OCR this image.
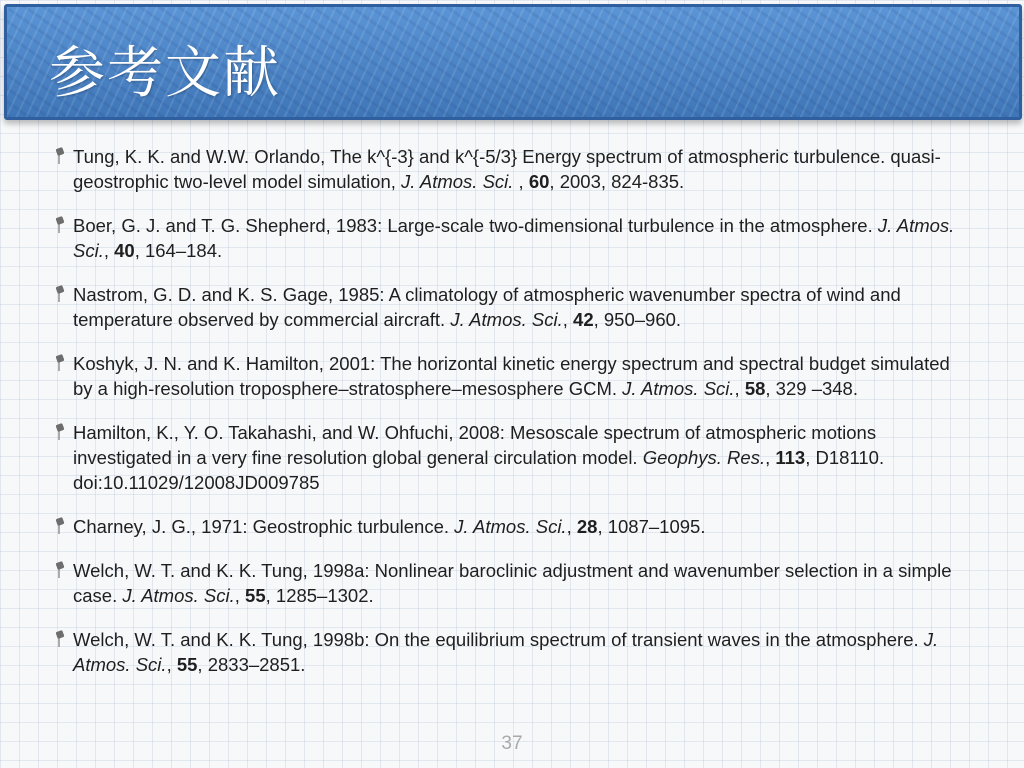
参考文献
Tung, K. K. and W.W. Orlando, The k^{-3} and k^{-5/3} Energy spectrum of atmospheric turbulence. quasi-geostrophic two-level model simulation, J. Atmos. Sci. , 60, 2003, 824-835.
Boer, G. J. and T. G. Shepherd, 1983: Large-scale two-dimensional turbulence in the atmosphere. J. Atmos. Sci., 40, 164–184.
Nastrom, G. D. and K. S. Gage, 1985: A climatology of atmospheric wavenumber spectra of wind and temperature observed by commercial aircraft. J. Atmos. Sci., 42, 950–960.
Koshyk, J. N. and K. Hamilton, 2001: The horizontal kinetic energy spectrum and spectral budget simulated by a high-resolution troposphere–stratosphere–mesosphere GCM. J. Atmos. Sci., 58, 329 –348.
Hamilton, K., Y. O. Takahashi, and W. Ohfuchi, 2008: Mesoscale spectrum of atmospheric motions investigated in a very fine resolution global general circulation model. Geophys. Res., 113, D18110. doi:10.11029/12008JD009785
Charney, J. G., 1971: Geostrophic turbulence. J. Atmos. Sci., 28, 1087–1095.
Welch, W. T. and K. K. Tung, 1998a: Nonlinear baroclinic adjustment and wavenumber selection in a simple case. J. Atmos. Sci., 55, 1285–1302.
Welch, W. T. and K. K. Tung, 1998b: On the equilibrium spectrum of transient waves in the atmosphere. J. Atmos. Sci., 55, 2833–2851.
37
